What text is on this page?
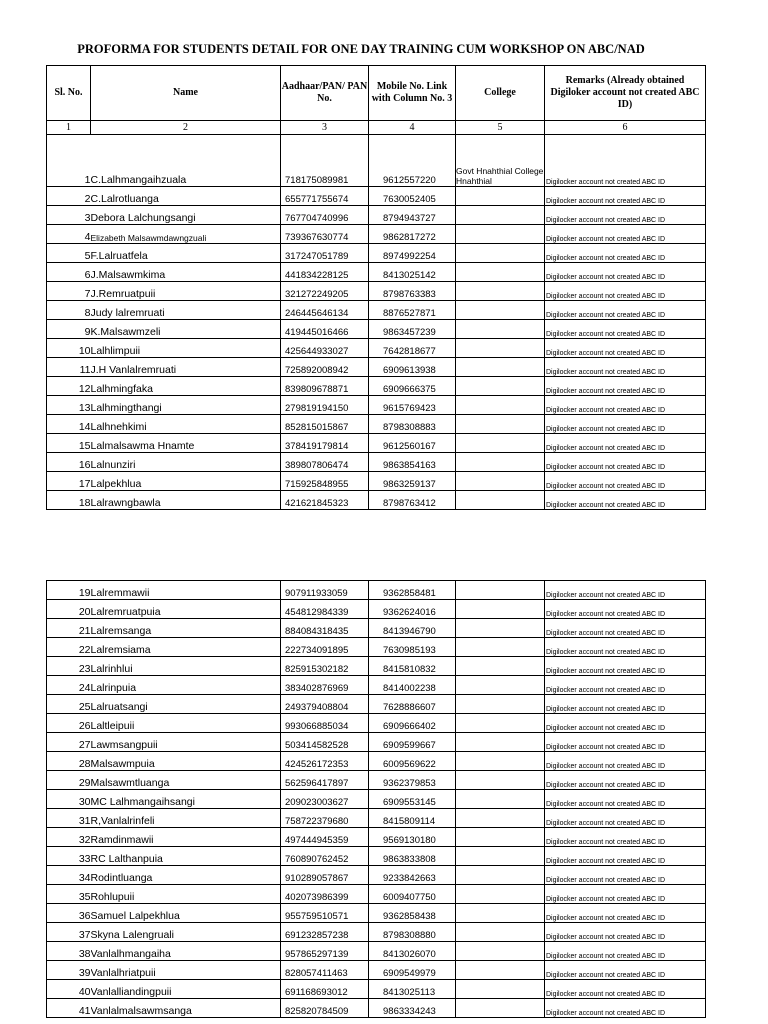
PROFORMA FOR STUDENTS DETAIL FOR ONE DAY TRAINING CUM WORKSHOP ON ABC/NAD
Sl. No.	Name	Aadhaar/PAN/ PAN No.	Mobile No. Link with Column No. 3	College	Remarks (Already obtained Digiloker account not created ABC ID)
1	2	3	4	5	6
1	C.Lalhmangaihzuala	718175089981	9612557220	Govt Hnahthial College Hnahthial	Digilocker account not created ABC ID
2	C.Lalrotluanga	655771755674	7630052405		Digilocker account not created ABC ID
3	Debora Lalchungsangi	767704740996	8794943727		Digilocker account not created ABC ID
4	Elizabeth Malsawmdawngzuali	739367630774	9862817272		Digilocker account not created ABC ID
5	F.Lalruatfela	317247051789	8974992254		Digilocker account not created ABC ID
6	J.Malsawmkima	441834228125	8413025142		Digilocker account not created ABC ID
7	J.Remruatpuii	321272249205	8798763383		Digilocker account not created ABC ID
8	Judy lalremruati	246445646134	8876527871		Digilocker account not created ABC ID
9	K.Malsawmzeli	419445016466	9863457239		Digilocker account not created ABC ID
10	Lalhlimpuii	425644933027	7642818677		Digilocker account not created ABC ID
11	J.H Vanlalremruati	725892008942	6909613938		Digilocker account not created ABC ID
12	Lalhmingfaka	839809678871	6909666375		Digilocker account not created ABC ID
13	Lalhmingthangi	279819194150	9615769423		Digilocker account not created ABC ID
14	Lalhnehkimi	852815015867	8798308883		Digilocker account not created ABC ID
15	Lalmalsawma Hnamte	378419179814	9612560167		Digilocker account not created ABC ID
16	Lalnunziri	389807806474	9863854163		Digilocker account not created ABC ID
17	Lalpekhlua	715925848955	9863259137		Digilocker account not created ABC ID
18	Lalrawngbawla	421621845323	8798763412		Digilocker account not created ABC ID
19	Lalremmawii	907911933059	9362858481		Digilocker account not created ABC ID
20	Lalremruatpuia	454812984339	9362624016		Digilocker account not created ABC ID
21	Lalremsanga	884084318435	8413946790		Digilocker account not created ABC ID
22	Lalremsiama	222734091895	7630985193		Digilocker account not created ABC ID
23	Lalrinhlui	825915302182	8415810832		Digilocker account not created ABC ID
24	Lalrinpuia	383402876969	8414002238		Digilocker account not created ABC ID
25	Lalruatsangi	249379408804	7628886607		Digilocker account not created ABC ID
26	Laltleipuii	993066885034	6909666402		Digilocker account not created ABC ID
27	Lawmsangpuii	503414582528	6909599667		Digilocker account not created ABC ID
28	Malsawmpuia	424526172353	6009569622		Digilocker account not created ABC ID
29	Malsawmtluanga	562596417897	9362379853		Digilocker account not created ABC ID
30	MC Lalhmangaihsangi	209023003627	6909553145		Digilocker account not created ABC ID
31	R,Vanlalrinfeli	758722379680	8415809114		Digilocker account not created ABC ID
32	Ramdinmawii	497444945359	9569130180		Digilocker account not created ABC ID
33	RC Lalthanpuia	760890762452	9863833808		Digilocker account not created ABC ID
34	Rodintluanga	910289057867	9233842663		Digilocker account not created ABC ID
35	Rohlupuii	402073986399	6009407750		Digilocker account not created ABC ID
36	Samuel Lalpekhlua	955759510571	9362858438		Digilocker account not created ABC ID
37	Skyna Lalengruali	691232857238	8798308880		Digilocker account not created ABC ID
38	Vanlalhmangaiha	957865297139	8413026070		Digilocker account not created ABC ID
39	Vanlalhriatpuii	828057411463	6909549979		Digilocker account not created ABC ID
40	Vanlalliandingpuii	691168693012	8413025113		Digilocker account not created ABC ID
41	Vanlalmalsawmsanga	825820784509	9863334243		Digilocker account not created ABC ID
